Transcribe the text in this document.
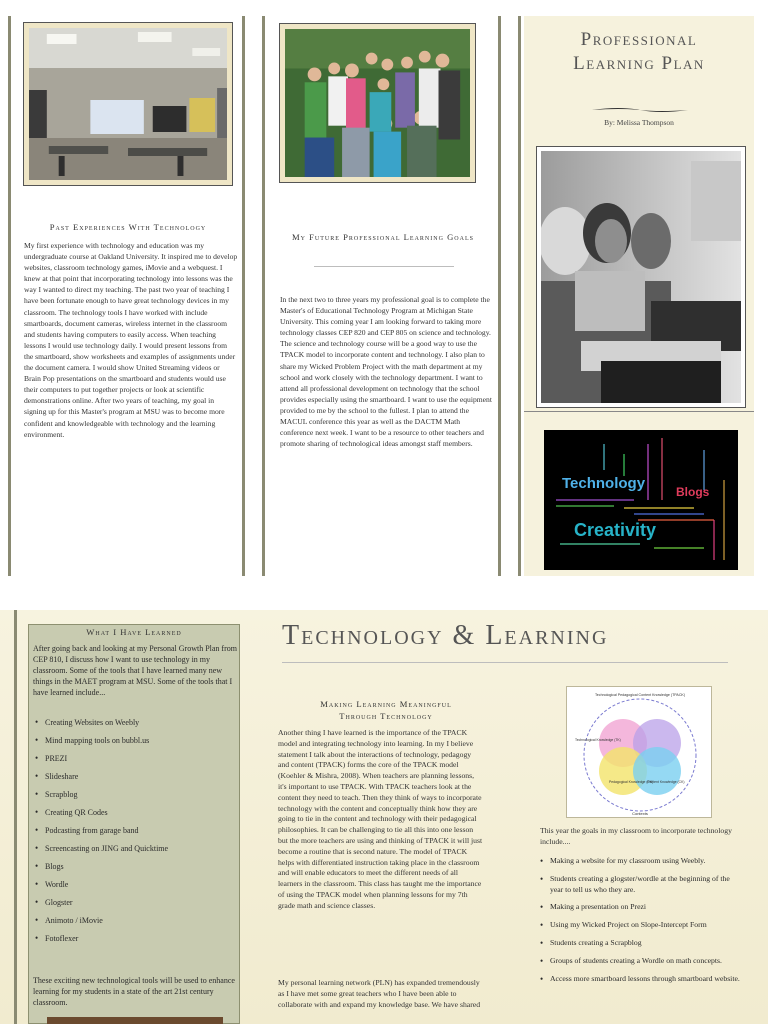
Past Experiences With Technology
My first experience with technology and education was my undergraduate course at Oakland University. It inspired me to develop websites, classroom technology games, iMovie and a webquest. I knew at that point that incorporating technology into lessons was the way I wanted to direct my teaching. The past two year of teaching I have been fortunate enough to have great technology devices in my classroom. The technology tools I have worked with include smartboards, document cameras, wireless internet in the classroom and students having computers to easily access. When teaching lessons I would use technology daily. I would present lessons from the smartboard, show worksheets and examples of assignments under the document camera. I would show United Streaming videos or Brain Pop presentations on the smartboard and students would use their computers to put together projects or look at scientific demonstrations online. After two years of teaching, my goal in signing up for this Master's program at MSU was to become more confident and knowledgeable with technology and the learning environment.
My Future Professional Learning Goals
In the next two to three years my professional goal is to complete the Master's of Educational Technology Program at Michigan State University. This coming year I am looking forward to taking more technology classes CEP 820 and CEP 805 on science and technology. The science and technology course will be a good way to use the TPACK model to incorporate content and technology. I also plan to share my Wicked Problem Project with the math department at my school and work closely with the technology department. I want to attend all professional development on technology that the school provides especially using the smartboard. I want to use the equipment provided to me by the school to the fullest. I plan to attend the MACUL conference this year as well as the DACTM Math conference next week. I want to be a resource to other teachers and promote sharing of technological ideas amongst staff members.
Professional
Learning Plan
By: Melissa Thompson
Technology	Blogs
Creativity
What I Have Learned
After going back and looking at my Personal Growth Plan from CEP 810, I discuss how I want to use technology in my classroom. Some of the tools that I have learned many new things in the MAET program at MSU. Some of the tools that I have learned include...
• Creating Websites on Weebly
• Mind mapping tools on bubbl.us
• PREZI
• Slideshare
• Scrapblog
• Creating QR Codes
• Podcasting from garage band
• Screencasting on JING and Quicktime
• Blogs
• Wordle
• Glogster
• Animoto / iMovie
• Fotoflexer
These exciting new technological tools will be used to enhance learning for my students in a state of the art 21st century classroom.
Technology & Learning
Making Learning Meaningful
Through Technology
Another thing I have learned is the importance of the TPACK model and integrating technology into learning. In my I believe statement I talk about the interactions of technology, pedagogy and content (TPACK) forms the core of the TPACK model (Koehler & Mishra, 2008). When teachers are planning lessons, it's important to use TPACK. With TPACK teachers look at the content they need to teach. Then they think of ways to incorporate technology with the content and conceptually think how they are going to tie in the content and technology with their pedagogical philosophies. It can be challenging to tie all this into one lesson but the more teachers are using and thinking of TPACK it will just become a routine that is second nature. The model of TPACK helps with differentiated instruction taking place in the classroom and will enable educators to meet the different needs of all learners in the classroom. This class has taught me the importance of using the TPACK model when planning lessons for my 7th grade math and science classes.
My personal learning network (PLN) has expanded tremendously as I have met some great teachers who I have been able to collaborate with and expand my knowledge base. We have shared
Technological Pedagogical Content Knowledge (TPACK)
Technological Knowledge (TK)
Pedagogical Knowledge (PK)
Content Knowledge (CK)
Contexts
This year the goals in my classroom to incorporate technology include....
• Making a website for my classroom using Weebly.
• Students creating a glogster/wordle at the beginning of the year to tell us who they are.
• Making a presentation on Prezi
• Using my Wicked Project on Slope-Intercept Form
• Students creating a Scrapblog
• Groups of students creating a Wordle on math concepts.
• Access more smartboard lessons through smartboard website.
